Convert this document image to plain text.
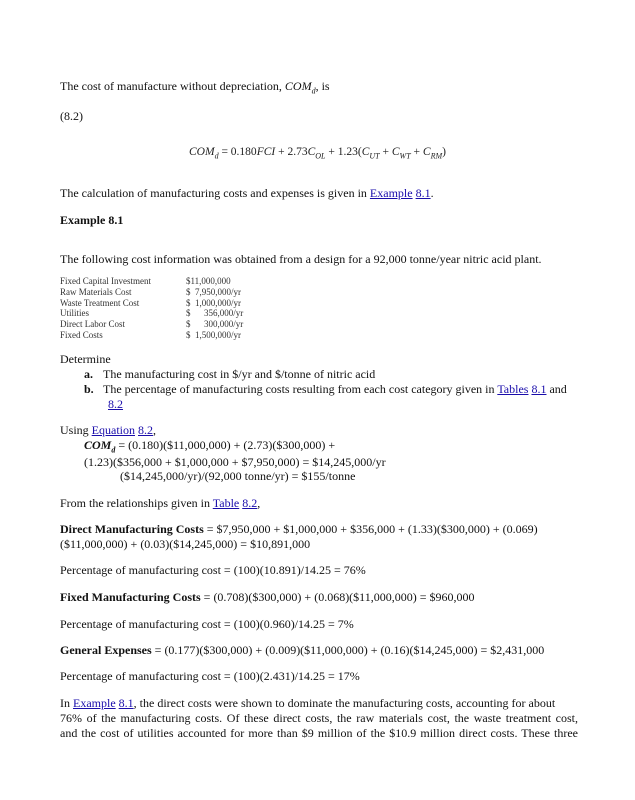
The cost of manufacture without depreciation, $COM_d$, is
(8.2)
$COM_d = 0.180FCI + 2.73C_{OL} + 1.23(C_{UT} + C_{WT} + C_{RM})$
The calculation of manufacturing costs and expenses is given in Example 8.1.
Example 8.1
The following cost information was obtained from a design for a 92,000 tonne/year nitric acid plant.
Fixed Capital Investment	$11,000,000
Raw Materials Cost	$  7,950,000/yr
Waste Treatment Cost	$  1,000,000/yr
Utilities	$      356,000/yr
Direct Labor Cost	$      300,000/yr
Fixed Costs	$  1,500,000/yr
Determine
a. The manufacturing cost in $/yr and $/tonne of nitric acid
b. The percentage of manufacturing costs resulting from each cost category given in Tables 8.1 and
8.2
Using Equation 8.2,
$COM_d$ = (0.180)($11,000,000) + (2.73)($300,000) +
(1.23)($356,000 + $1,000,000 + $7,950,000) = $14,245,000/yr
($14,245,000/yr)/(92,000 tonne/yr) = $155/tonne
From the relationships given in Table 8.2,
Direct Manufacturing Costs = $7,950,000 + $1,000,000 + $356,000 + (1.33)($300,000) + (0.069)
($11,000,000) + (0.03)($14,245,000) = $10,891,000
Percentage of manufacturing cost = (100)(10.891)/14.25 = 76%
Fixed Manufacturing Costs = (0.708)($300,000) + (0.068)($11,000,000) = $960,000
Percentage of manufacturing cost = (100)(0.960)/14.25 = 7%
General Expenses = (0.177)($300,000) + (0.009)($11,000,000) + (0.16)($14,245,000) = $2,431,000
Percentage of manufacturing cost = (100)(2.431)/14.25 = 17%
In Example 8.1, the direct costs were shown to dominate the manufacturing costs, accounting for about
76% of the manufacturing costs. Of these direct costs, the raw materials cost, the waste treatment cost,
and the cost of utilities accounted for more than $9 million of the $10.9 million direct costs. These three
